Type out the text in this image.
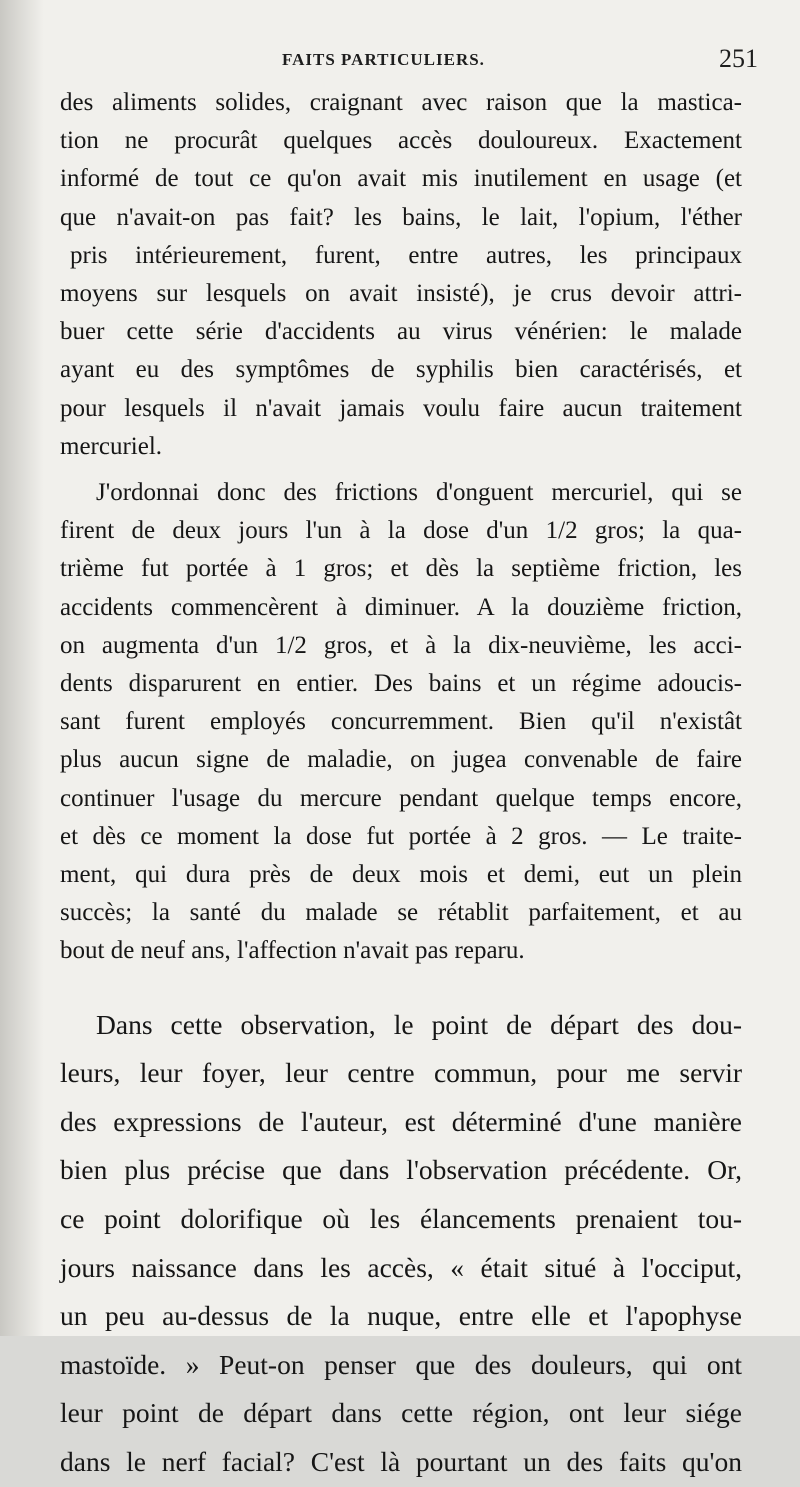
FAITS PARTICULIERS.	251
des aliments solides, craignant avec raison que la mastica-
tion ne procurât quelques accès douloureux. Exactement
informé de tout ce qu'on avait mis inutilement en usage (et
que n'avait-on pas fait? les bains, le lait, l'opium, l'éther
pris intérieurement, furent, entre autres, les principaux
moyens sur lesquels on avait insisté), je crus devoir attri-
buer cette série d'accidents au virus vénérien: le malade
ayant eu des symptômes de syphilis bien caractérisés, et
pour lesquels il n'avait jamais voulu faire aucun traitement
mercuriel.
J'ordonnai donc des frictions d'onguent mercuriel, qui se
firent de deux jours l'un à la dose d'un 1/2 gros; la qua-
trième fut portée à 1 gros; et dès la septième friction, les
accidents commencèrent à diminuer. A la douzième friction,
on augmenta d'un 1/2 gros, et à la dix-neuvième, les acci-
dents disparurent en entier. Des bains et un régime adoucis-
sant furent employés concurremment. Bien qu'il n'existât
plus aucun signe de maladie, on jugea convenable de faire
continuer l'usage du mercure pendant quelque temps encore,
et dès ce moment la dose fut portée à 2 gros. — Le traite-
ment, qui dura près de deux mois et demi, eut un plein
succès; la santé du malade se rétablit parfaitement, et au
bout de neuf ans, l'affection n'avait pas reparu.
Dans cette observation, le point de départ des dou-
leurs, leur foyer, leur centre commun, pour me servir
des expressions de l'auteur, est déterminé d'une manière
bien plus précise que dans l'observation précédente. Or,
ce point dolorifique où les élancements prenaient tou-
jours naissance dans les accès, « était situé à l'occiput,
un peu au-dessus de la nuque, entre elle et l'apophyse
mastoïde. » Peut-on penser que des douleurs, qui ont
leur point de départ dans cette région, ont leur siége
dans le nerf facial? C'est là pourtant un des faits qu'on
